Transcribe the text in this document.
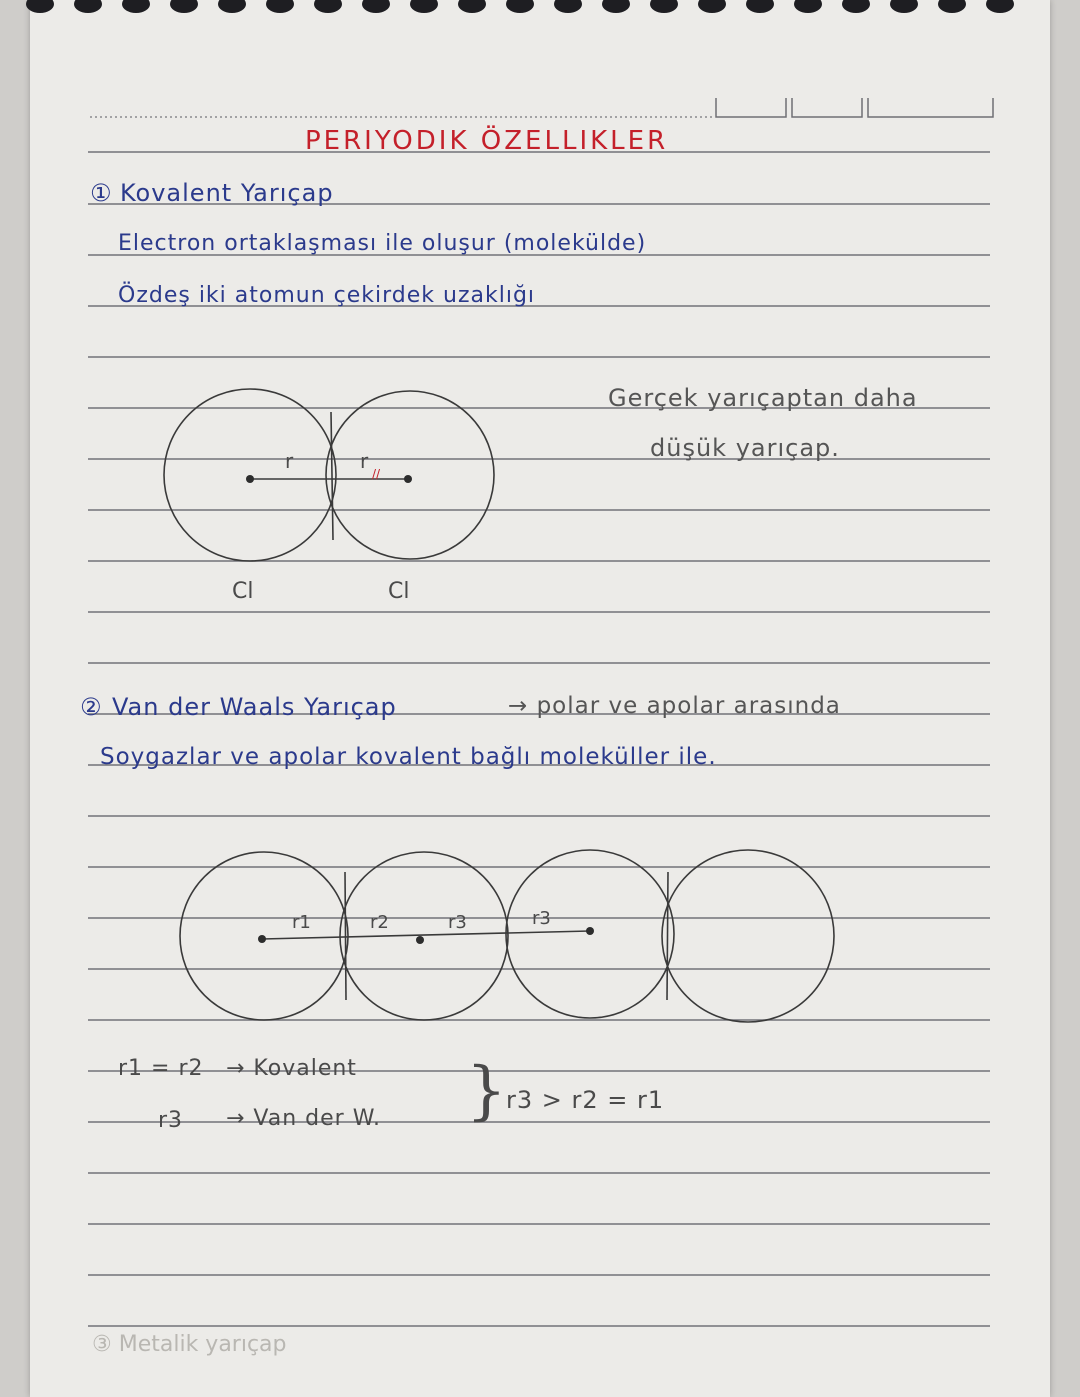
PERIYODIK ÖZELLIKLER
① Kovalent Yarıçap
Electron ortaklaşması ile oluşur (molekülde)
Özdeş iki atomun çekirdek uzaklığı
Gerçek yarıçaptan daha
düşük yarıçap.
r	r
//
Cl	Cl
② Van der Waals Yarıçap	→ polar ve apolar arasında
Soygazlar ve apolar kovalent bağlı moleküller ile.
r1	r2	r3	r3
r1 = r2 → Kovalent
r3 → Van der W. }
r3 > r2 = r1
③ Metalik yarıçap
